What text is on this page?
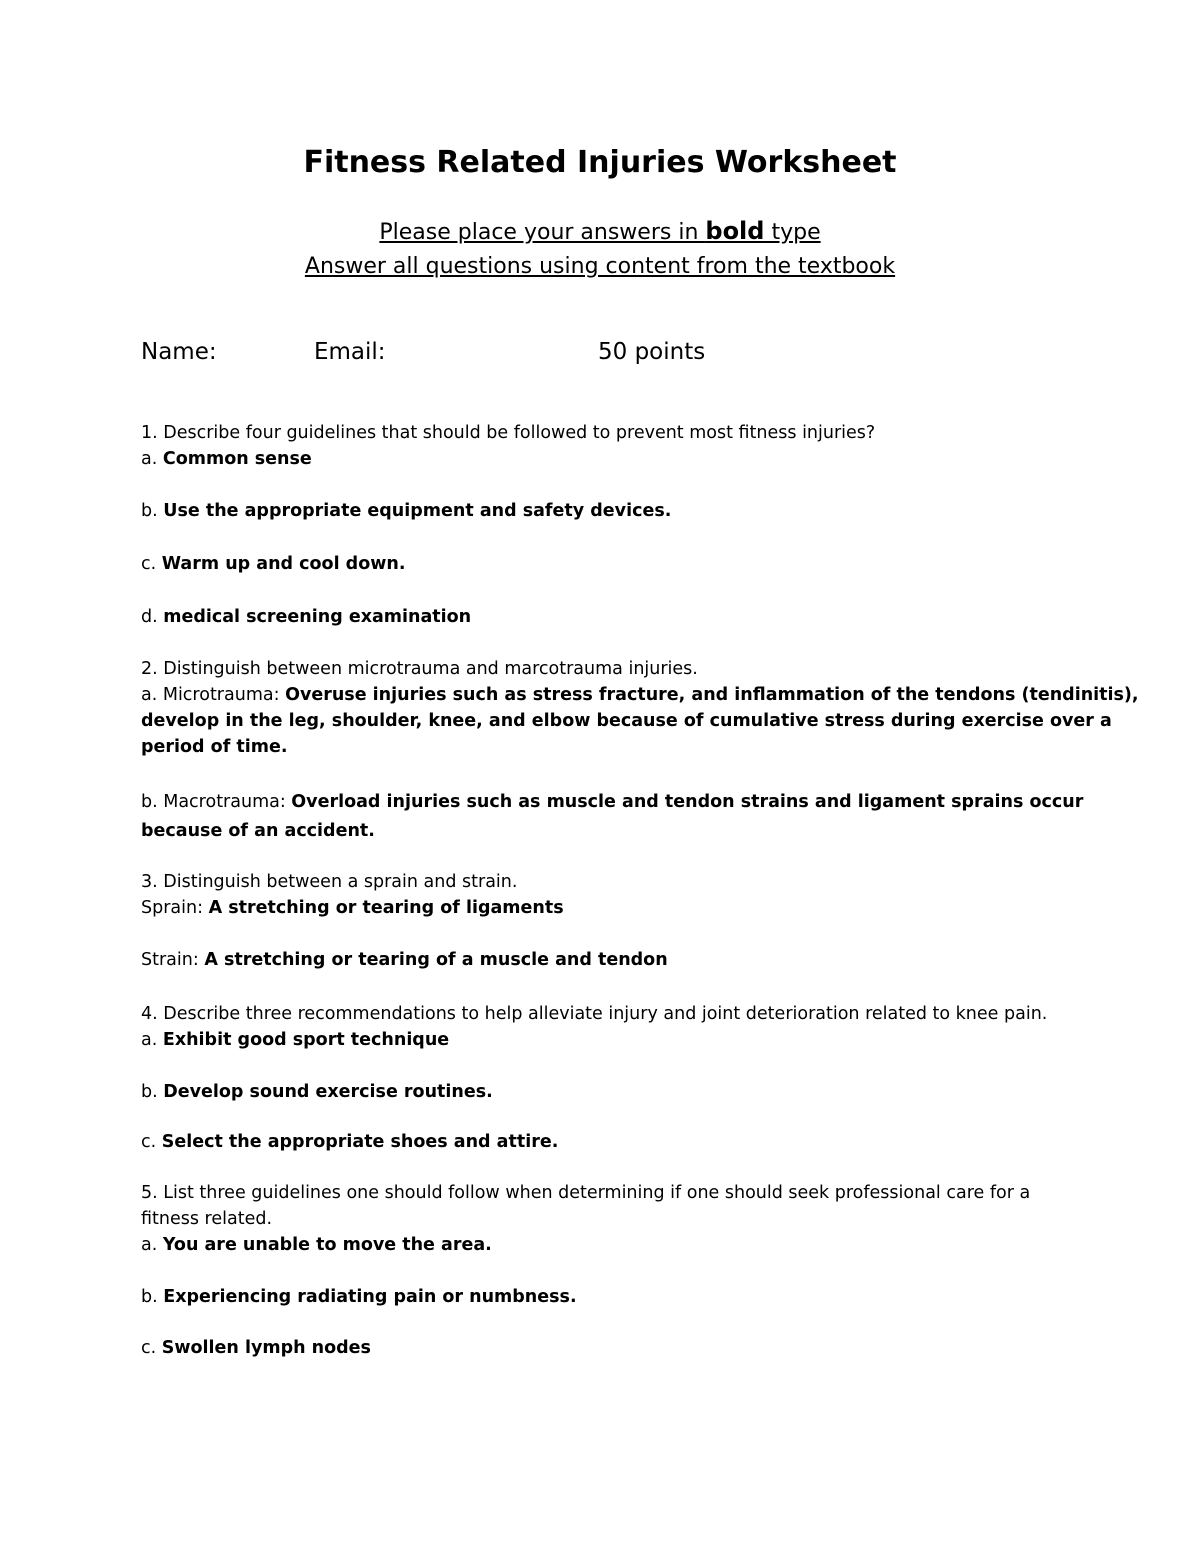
Fitness Related Injuries Worksheet
Please place your answers in bold type
Answer all questions using content from the textbook
Name:	Email:	50 points
1. Describe four guidelines that should be followed to prevent most fitness injuries?
a. Common sense
b. Use the appropriate equipment and safety devices.
c. Warm up and cool down.
d. medical screening examination
2. Distinguish between microtrauma and marcotrauma injuries.
a. Microtrauma: Overuse injuries such as stress fracture, and inflammation of the tendons (tendinitis),
develop in the leg, shoulder, knee, and elbow because of cumulative stress during exercise over a
period of time.
b. Macrotrauma: Overload injuries such as muscle and tendon strains and ligament sprains occur
because of an accident.
3. Distinguish between a sprain and strain.
Sprain: A stretching or tearing of ligaments
Strain: A stretching or tearing of a muscle and tendon
4. Describe three recommendations to help alleviate injury and joint deterioration related to knee pain.
a. Exhibit good sport technique
b. Develop sound exercise routines.
c. Select the appropriate shoes and attire.
5. List three guidelines one should follow when determining if one should seek professional care for a
fitness related.
a. You are unable to move the area.
b. Experiencing radiating pain or numbness.
c. Swollen lymph nodes
